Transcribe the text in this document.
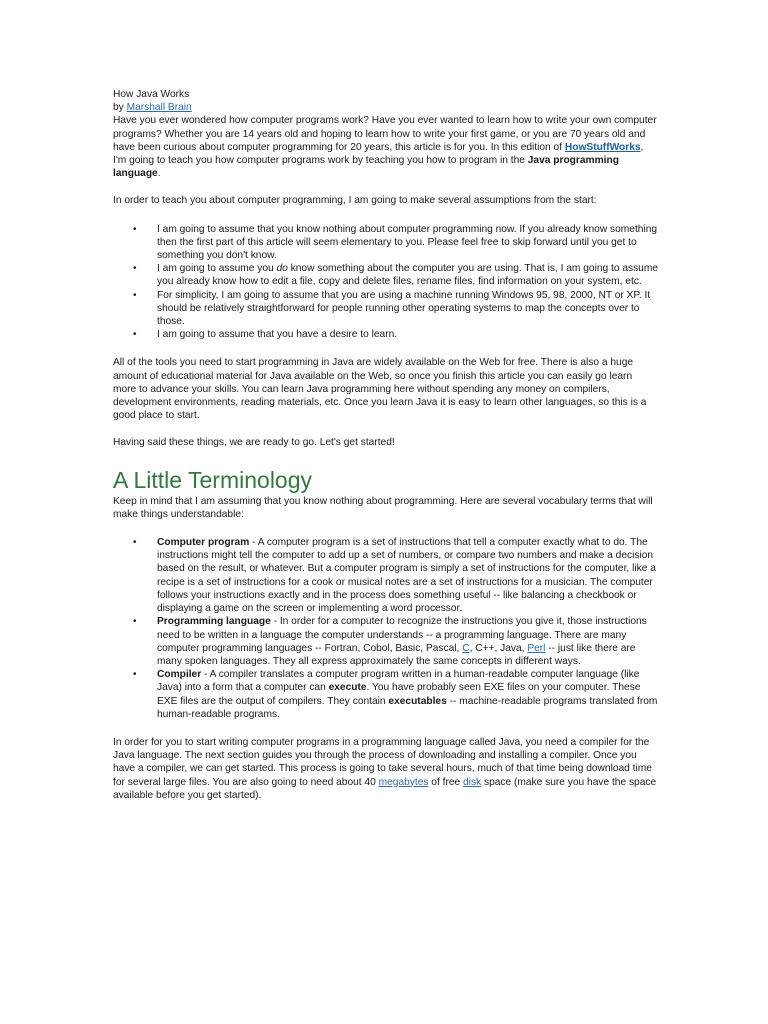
How Java Works

by Marshall Brain

Have you ever wondered how computer programs work? Have you ever wanted to learn how to write your own computer programs? Whether you are 14 years old and hoping to learn how to write your first game, or you are 70 years old and have been curious about computer programming for 20 years, this article is for you. In this edition of HowStuffWorks, I'm going to teach you how computer programs work by teaching you how to program in the Java programming language.

In order to teach you about computer programming, I am going to make several assumptions from the start:

• I am going to assume that you know nothing about computer programming now. If you already know something then the first part of this article will seem elementary to you. Please feel free to skip forward until you get to something you don't know.
• I am going to assume you do know something about the computer you are using. That is, I am going to assume you already know how to edit a file, copy and delete files, rename files, find information on your system, etc.
• For simplicity, I am going to assume that you are using a machine running Windows 95, 98, 2000, NT or XP. It should be relatively straightforward for people running other operating systems to map the concepts over to those.
• I am going to assume that you have a desire to learn.

All of the tools you need to start programming in Java are widely available on the Web for free. There is also a huge amount of educational material for Java available on the Web, so once you finish this article you can easily go learn more to advance your skills. You can learn Java programming here without spending any money on compilers, development environments, reading materials, etc. Once you learn Java it is easy to learn other languages, so this is a good place to start.

Having said these things, we are ready to go. Let's get started!

A Little Terminology

Keep in mind that I am assuming that you know nothing about programming. Here are several vocabulary terms that will make things understandable:

• Computer program - A computer program is a set of instructions that tell a computer exactly what to do. The instructions might tell the computer to add up a set of numbers, or compare two numbers and make a decision based on the result, or whatever. But a computer program is simply a set of instructions for the computer, like a recipe is a set of instructions for a cook or musical notes are a set of instructions for a musician. The computer follows your instructions exactly and in the process does something useful -- like balancing a checkbook or displaying a game on the screen or implementing a word processor.
• Programming language - In order for a computer to recognize the instructions you give it, those instructions need to be written in a language the computer understands -- a programming language. There are many computer programming languages -- Fortran, Cobol, Basic, Pascal, C, C++, Java, Perl -- just like there are many spoken languages. They all express approximately the same concepts in different ways.
• Compiler - A compiler translates a computer program written in a human-readable computer language (like Java) into a form that a computer can execute. You have probably seen EXE files on your computer. These EXE files are the output of compilers. They contain executables -- machine-readable programs translated from human-readable programs.

In order for you to start writing computer programs in a programming language called Java, you need a compiler for the Java language. The next section guides you through the process of downloading and installing a compiler. Once you have a compiler, we can get started. This process is going to take several hours, much of that time being download time for several large files. You are also going to need about 40 megabytes of free disk space (make sure you have the space available before you get started).
